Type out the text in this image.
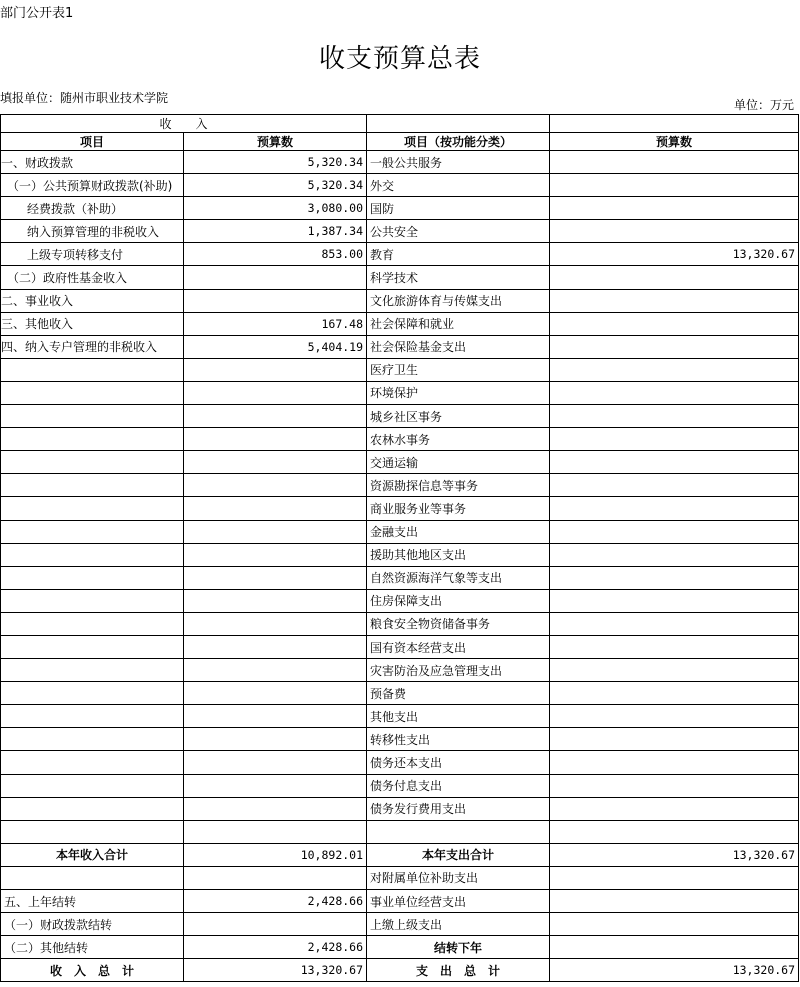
部门公开表1
收支预算总表
填报单位：随州市职业技术学院	单位：万元
收　　入			
项目	预算数	项目（按功能分类）	预算数
一、财政拨款	5,320.34	一般公共服务	
（一）公共预算财政拨款(补助)	5,320.34	外交	
经费拨款（补助）	3,080.00	国防	
纳入预算管理的非税收入	1,387.34	公共安全	
上级专项转移支付	853.00	教育	13,320.67
（二）政府性基金收入		科学技术	
二、事业收入		文化旅游体育与传媒支出	
三、其他收入	167.48	社会保障和就业	
四、纳入专户管理的非税收入	5,404.19	社会保险基金支出	
		医疗卫生	
		环境保护	
		城乡社区事务	
		农林水事务	
		交通运输	
		资源勘探信息等事务	
		商业服务业等事务	
		金融支出	
		援助其他地区支出	
		自然资源海洋气象等支出	
		住房保障支出	
		粮食安全物资储备事务	
		国有资本经营支出	
		灾害防治及应急管理支出	
		预备费	
		其他支出	
		转移性支出	
		债务还本支出	
		债务付息支出	
		债务发行费用支出	

本年收入合计	10,892.01	本年支出合计	13,320.67
		对附属单位补助支出	
五、上年结转	2,428.66	事业单位经营支出	
（一）财政拨款结转		上缴上级支出	
（二）其他结转	2,428.66	结转下年	
收　入　总　计	13,320.67	支　出　总　计	13,320.67
